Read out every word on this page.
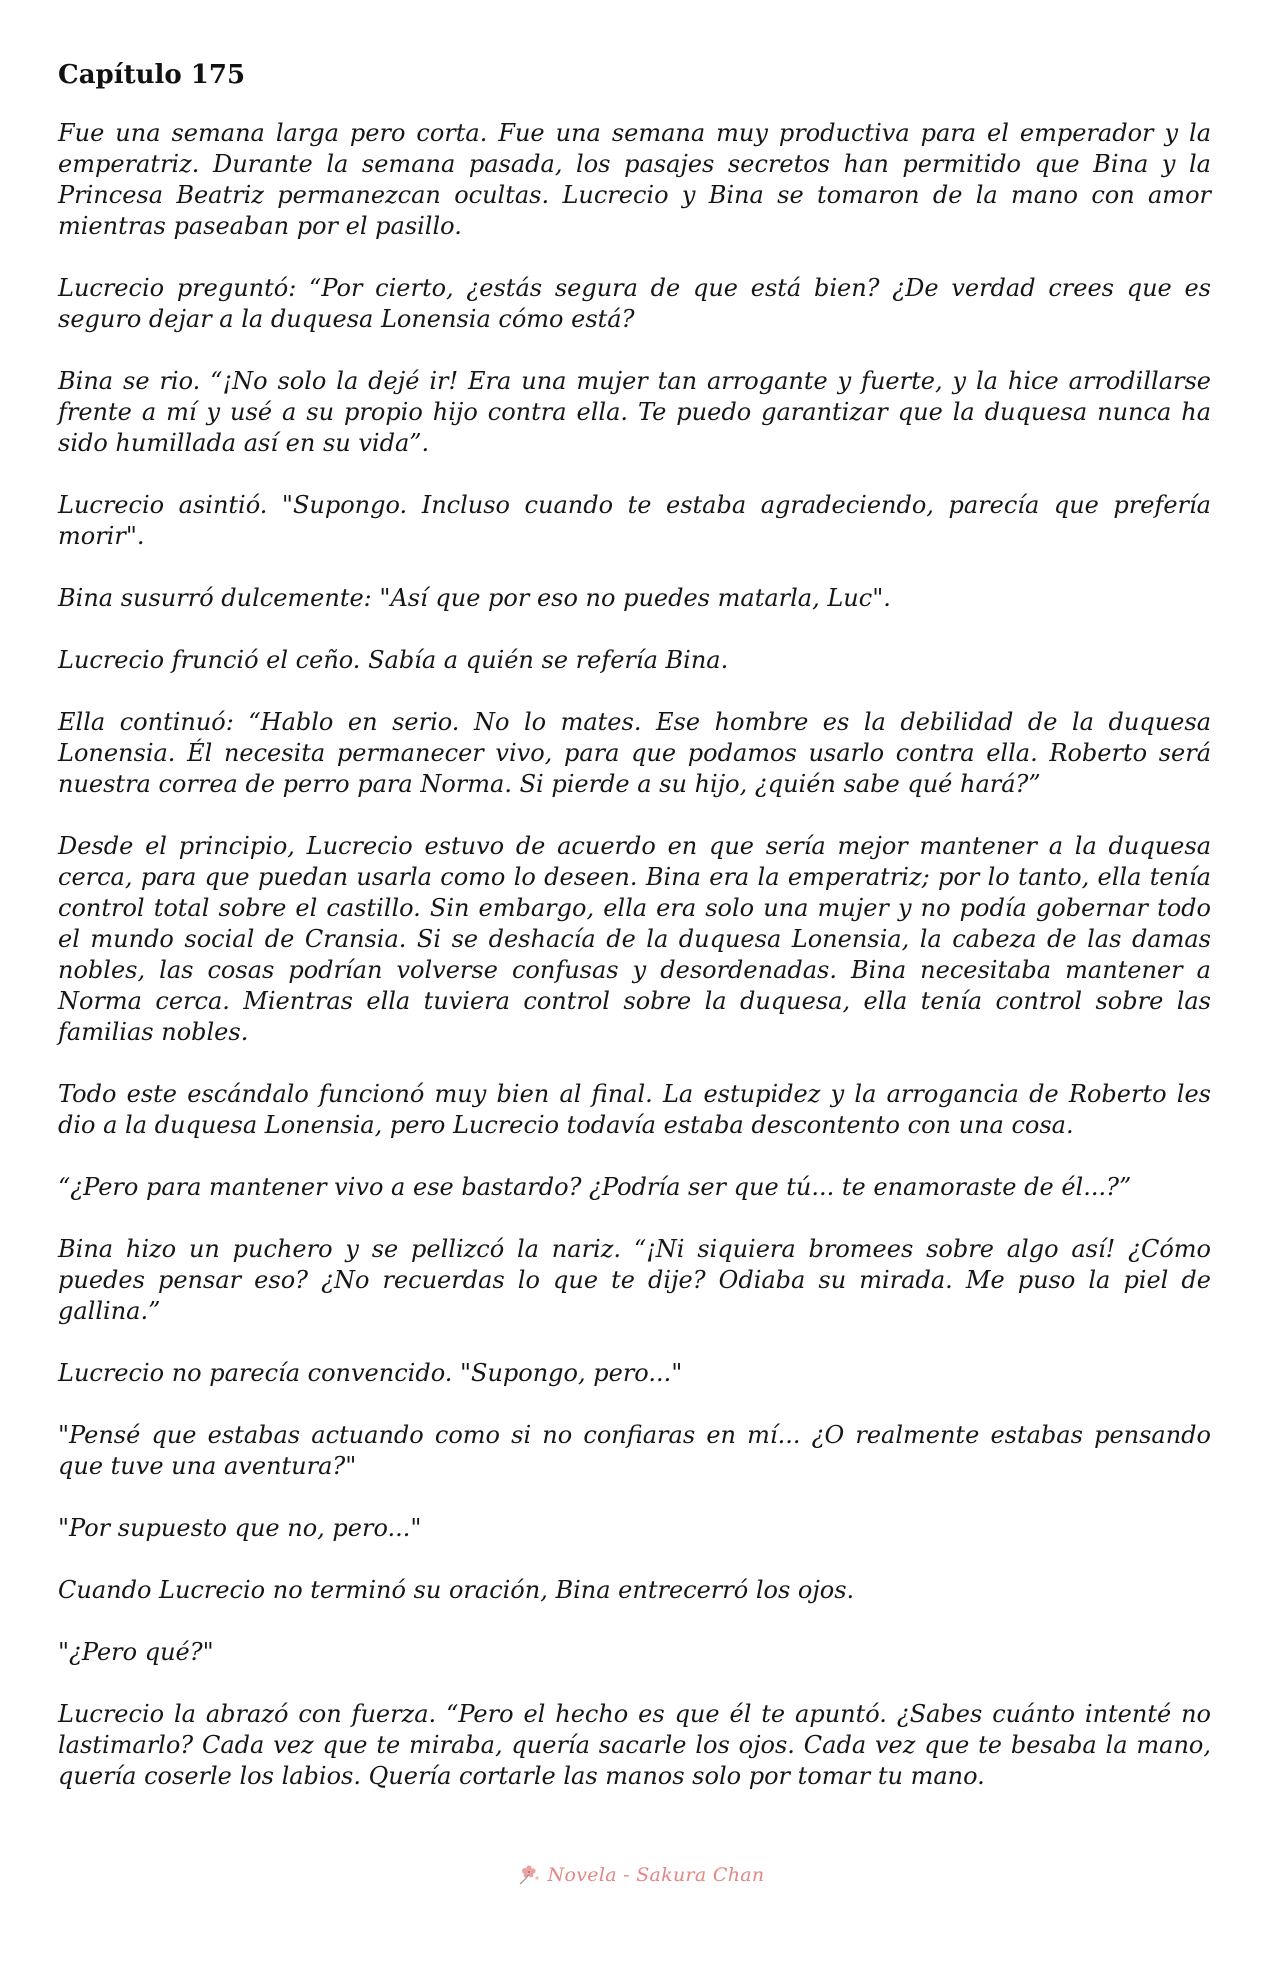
Capítulo 175

Fue una semana larga pero corta. Fue una semana muy productiva para el emperador y la emperatriz. Durante la semana pasada, los pasajes secretos han permitido que Bina y la Princesa Beatriz permanezcan ocultas. Lucrecio y Bina se tomaron de la mano con amor mientras paseaban por el pasillo.

Lucrecio preguntó: “Por cierto, ¿estás segura de que está bien? ¿De verdad crees que es seguro dejar a la duquesa Lonensia cómo está?

Bina se rio. “¡No solo la dejé ir! Era una mujer tan arrogante y fuerte, y la hice arrodillarse frente a mí y usé a su propio hijo contra ella. Te puedo garantizar que la duquesa nunca ha sido humillada así en su vida”.

Lucrecio asintió. "Supongo. Incluso cuando te estaba agradeciendo, parecía que prefería morir".

Bina susurró dulcemente: "Así que por eso no puedes matarla, Luc".

Lucrecio frunció el ceño. Sabía a quién se refería Bina.

Ella continuó: “Hablo en serio. No lo mates. Ese hombre es la debilidad de la duquesa Lonensia. Él necesita permanecer vivo, para que podamos usarlo contra ella. Roberto será nuestra correa de perro para Norma. Si pierde a su hijo, ¿quién sabe qué hará?”

Desde el principio, Lucrecio estuvo de acuerdo en que sería mejor mantener a la duquesa cerca, para que puedan usarla como lo deseen. Bina era la emperatriz; por lo tanto, ella tenía control total sobre el castillo. Sin embargo, ella era solo una mujer y no podía gobernar todo el mundo social de Cransia. Si se deshacía de la duquesa Lonensia, la cabeza de las damas nobles, las cosas podrían volverse confusas y desordenadas. Bina necesitaba mantener a Norma cerca. Mientras ella tuviera control sobre la duquesa, ella tenía control sobre las familias nobles.

Todo este escándalo funcionó muy bien al final. La estupidez y la arrogancia de Roberto les dio a la duquesa Lonensia, pero Lucrecio todavía estaba descontento con una cosa.

“¿Pero para mantener vivo a ese bastardo? ¿Podría ser que tú... te enamoraste de él...?”

Bina hizo un puchero y se pellizcó la nariz. “¡Ni siquiera bromees sobre algo así! ¿Cómo puedes pensar eso? ¿No recuerdas lo que te dije? Odiaba su mirada. Me puso la piel de gallina.”

Lucrecio no parecía convencido. "Supongo, pero..."

"Pensé que estabas actuando como si no confiaras en mí... ¿O realmente estabas pensando que tuve una aventura?"

"Por supuesto que no, pero..."

Cuando Lucrecio no terminó su oración, Bina entrecerró los ojos.

"¿Pero qué?"

Lucrecio la abrazó con fuerza. “Pero el hecho es que él te apuntó. ¿Sabes cuánto intenté no lastimarlo? Cada vez que te miraba, quería sacarle los ojos. Cada vez que te besaba la mano, quería coserle los labios. Quería cortarle las manos solo por tomar tu mano.

Novela - Sakura Chan
